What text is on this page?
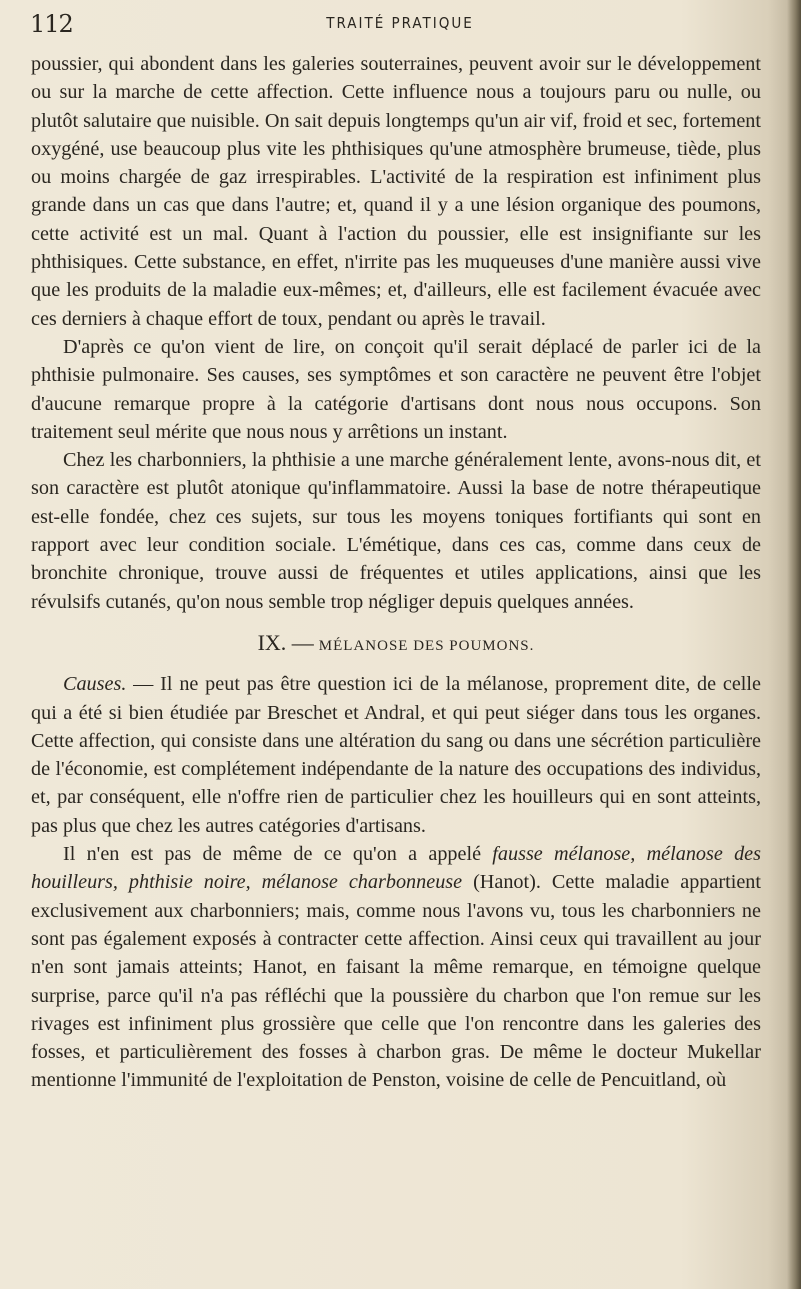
112	TRAITÉ PRATIQUE

poussier, qui abondent dans les galeries souterraines, peuvent avoir sur le développement ou sur la marche de cette affection. Cette influence nous a toujours paru ou nulle, ou plutôt salutaire que nuisible. On sait depuis longtemps qu'un air vif, froid et sec, fortement oxygéné, use beaucoup plus vite les phthisiques qu'une atmosphère brumeuse, tiède, plus ou moins chargée de gaz irrespirables. L'activité de la respiration est infiniment plus grande dans un cas que dans l'autre; et, quand il y a une lésion organique des poumons, cette activité est un mal. Quant à l'action du poussier, elle est insignifiante sur les phthisiques. Cette substance, en effet, n'irrite pas les muqueuses d'une manière aussi vive que les produits de la maladie eux-mêmes; et, d'ailleurs, elle est facilement évacuée avec ces derniers à chaque effort de toux, pendant ou après le travail.

D'après ce qu'on vient de lire, on conçoit qu'il serait déplacé de parler ici de la phthisie pulmonaire. Ses causes, ses symptômes et son caractère ne peuvent être l'objet d'aucune remarque propre à la catégorie d'artisans dont nous nous occupons. Son traitement seul mérite que nous nous y arrêtions un instant.

Chez les charbonniers, la phthisie a une marche généralement lente, avons-nous dit, et son caractère est plutôt atonique qu'inflammatoire. Aussi la base de notre thérapeutique est-elle fondée, chez ces sujets, sur tous les moyens toniques fortifiants qui sont en rapport avec leur condition sociale. L'émétique, dans ces cas, comme dans ceux de bronchite chronique, trouve aussi de fréquentes et utiles applications, ainsi que les révulsifs cutanés, qu'on nous semble trop négliger depuis quelques années.

IX. — MÉLANOSE DES POUMONS.

Causes. — Il ne peut pas être question ici de la mélanose, proprement dite, de celle qui a été si bien étudiée par Breschet et Andral, et qui peut siéger dans tous les organes. Cette affection, qui consiste dans une altération du sang ou dans une sécrétion particulière de l'économie, est complétement indépendante de la nature des occupations des individus, et, par conséquent, elle n'offre rien de particulier chez les houilleurs qui en sont atteints, pas plus que chez les autres catégories d'artisans.

Il n'en est pas de même de ce qu'on a appelé fausse mélanose, mélanose des houilleurs, phthisie noire, mélanose charbonneuse (Hanot). Cette maladie appartient exclusivement aux charbonniers; mais, comme nous l'avons vu, tous les charbonniers ne sont pas également exposés à contracter cette affection. Ainsi ceux qui travaillent au jour n'en sont jamais atteints; Hanot, en faisant la même remarque, en témoigne quelque surprise, parce qu'il n'a pas réfléchi que la poussière du charbon que l'on remue sur les rivages est infiniment plus grossière que celle que l'on rencontre dans les galeries des fosses, et particulièrement des fosses à charbon gras. De même le docteur Mukellar mentionne l'immunité de l'exploitation de Penston, voisine de celle de Pencuitland, où
